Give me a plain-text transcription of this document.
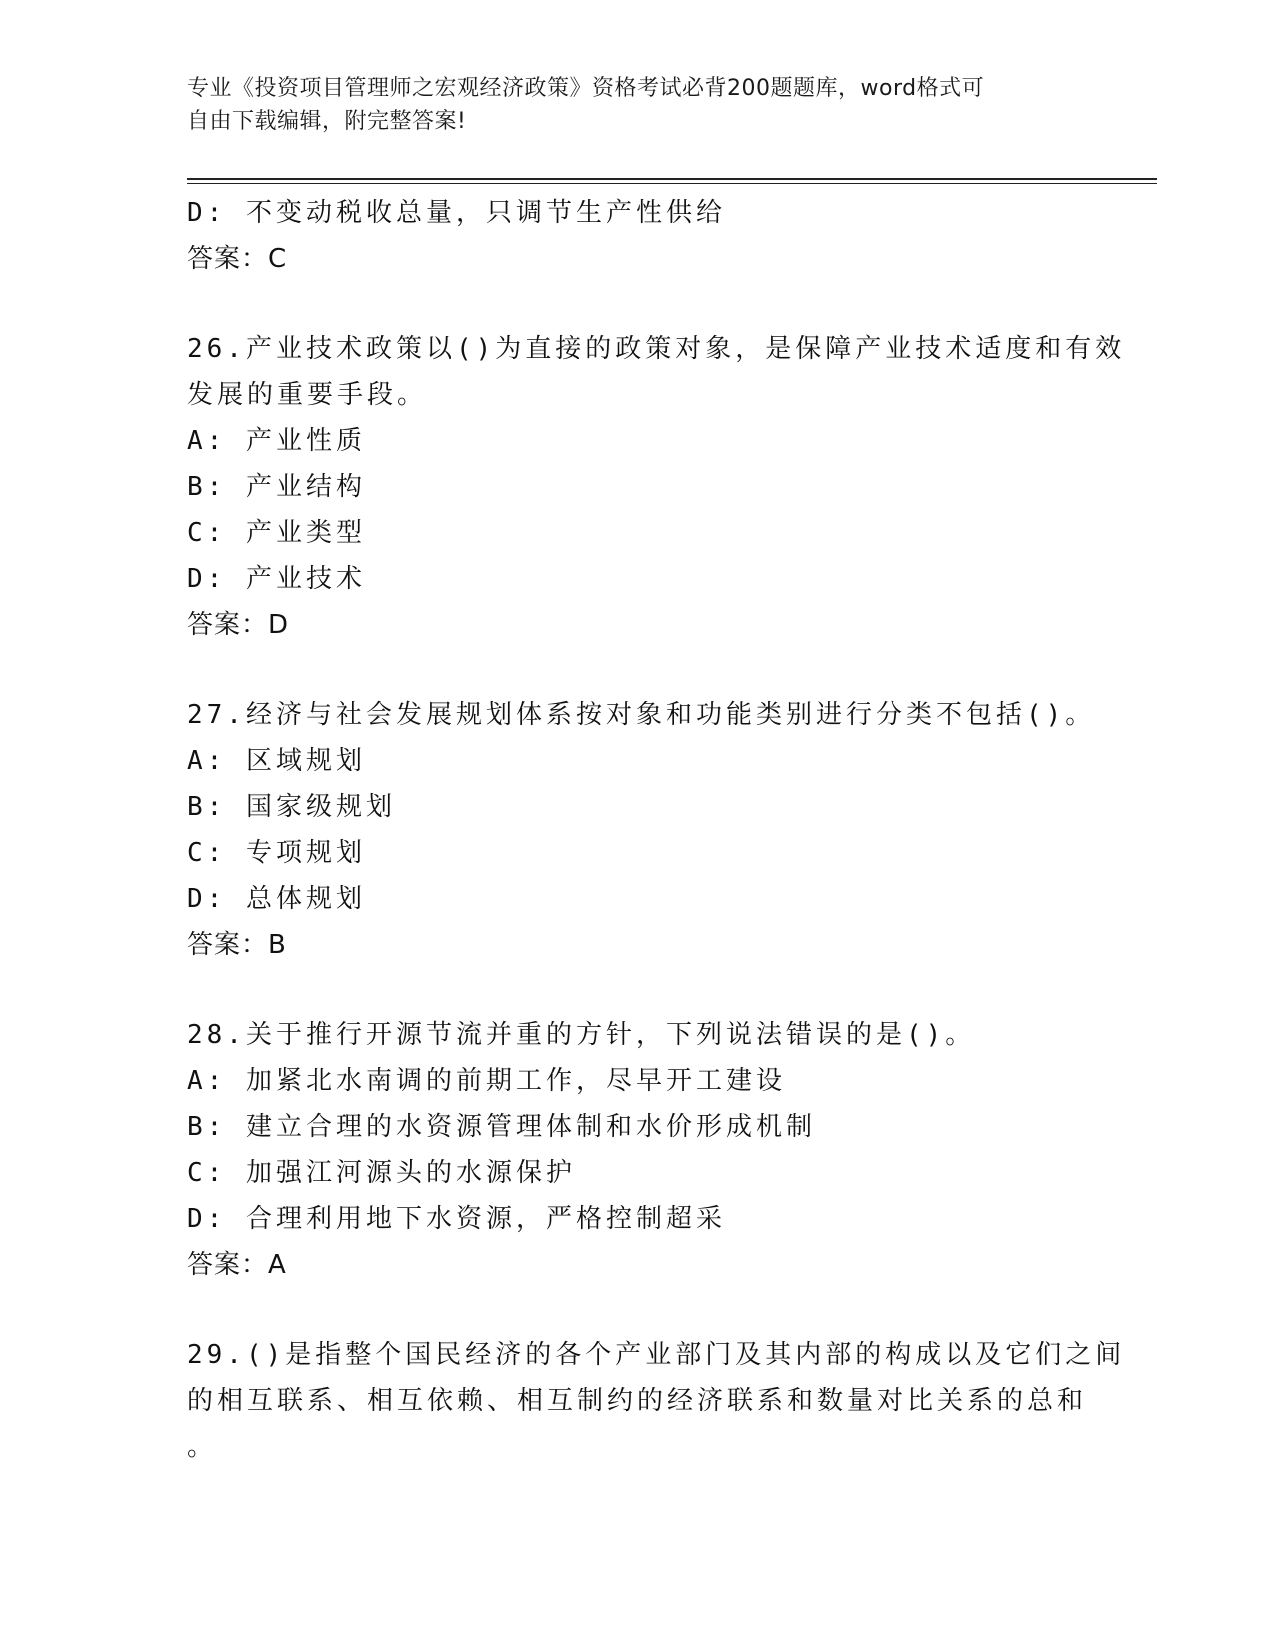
专业《投资项目管理师之宏观经济政策》资格考试必背200题题库，word格式可
自由下载编辑，附完整答案!
D: 不变动税收总量，只调节生产性供给
答案：C
26.产业技术政策以()为直接的政策对象，是保障产业技术适度和有效
发展的重要手段。
A: 产业性质
B: 产业结构
C: 产业类型
D: 产业技术
答案：D
27.经济与社会发展规划体系按对象和功能类别进行分类不包括()。
A: 区域规划
B: 国家级规划
C: 专项规划
D: 总体规划
答案：B
28.关于推行开源节流并重的方针，下列说法错误的是()。
A: 加紧北水南调的前期工作，尽早开工建设
B: 建立合理的水资源管理体制和水价形成机制
C: 加强江河源头的水源保护
D: 合理利用地下水资源，严格控制超采
答案：A
29.()是指整个国民经济的各个产业部门及其内部的构成以及它们之间
的相互联系、相互依赖、相互制约的经济联系和数量对比关系的总和
。
